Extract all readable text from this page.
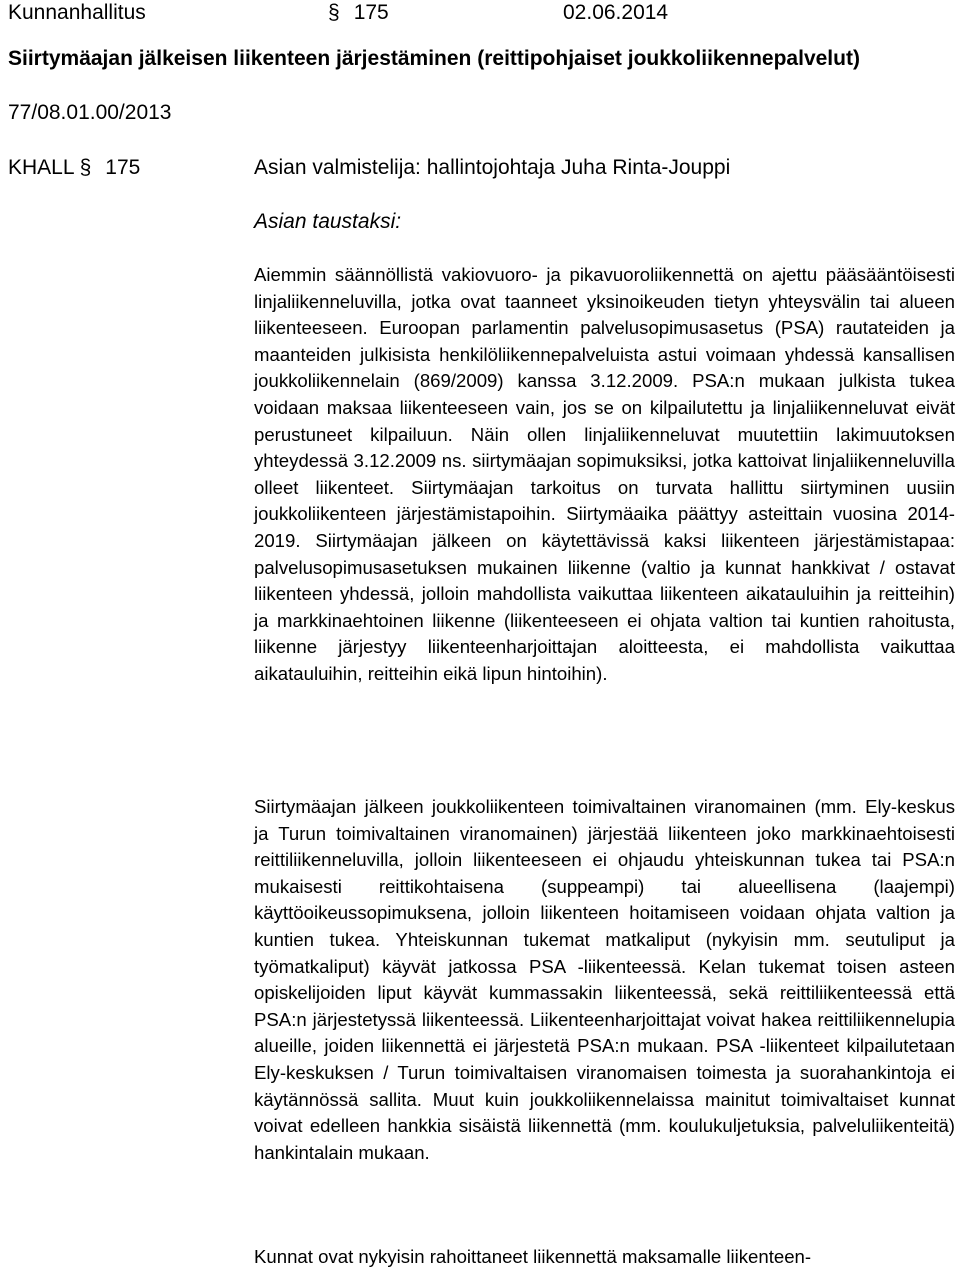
Kunnanhallitus	§ 175	02.06.2014
Siirtymäajan jälkeisen liikenteen järjestäminen (reittipohjaiset joukkoliikennepalvelut)
77/08.01.00/2013
KHALL § 175	Asian valmistelija: hallintojohtaja Juha Rinta-Jouppi
Asian taustaksi:
Aiemmin säännöllistä vakiovuoro- ja pikavuoroliikennettä on ajettu pääsääntöisesti linjaliikenneluvilla, jotka ovat taanneet yksinoikeuden tietyn yhteysvälin tai alueen liikenteeseen. Euroopan parlamentin palvelusopimusasetus (PSA) rautateiden ja maanteiden julkisista henkilöliikennepalveluista astui voimaan yhdessä kansallisen joukkoliikennelain (869/2009) kanssa 3.12.2009. PSA:n mukaan julkista tukea voidaan maksaa liikenteeseen vain, jos se on kilpailutettu ja linjaliikenneluvat eivät perustuneet kilpailuun. Näin ollen linjaliikenneluvat muutettiin lakimuutoksen yhteydessä 3.12.2009 ns. siirtymäajan sopimuksiksi, jotka kattoivat linjaliikenneluvilla olleet liikenteet. Siirtymäajan tarkoitus on turvata hallittu siirtyminen uusiin joukkoliikenteen järjestämistapoihin. Siirtymäaika päättyy asteittain vuosina 2014-2019. Siirtymäajan jälkeen on käytettävissä kaksi liikenteen järjestämistapaa: palvelusopimusasetuksen mukainen liikenne (valtio ja kunnat hankkivat / ostavat liikenteen yhdessä, jolloin mahdollista vaikuttaa liikenteen aikatauluihin ja reitteihin) ja markkinaehtoinen liikenne (liikenteeseen ei ohjata valtion tai kuntien rahoitusta, liikenne järjestyy liikenteenharjoittajan aloitteesta, ei mahdollista vaikuttaa aikatauluihin, reitteihin eikä lipun hintoihin).
Siirtymäajan jälkeen joukkoliikenteen toimivaltainen viranomainen (mm. Ely-keskus ja Turun toimivaltainen viranomainen) järjestää liikenteen joko markkinaehtoisesti reittiliikenneluvilla, jolloin liikenteeseen ei ohjaudu yhteiskunnan tukea tai PSA:n mukaisesti reittikohtaisena (suppeampi) tai alueellisena (laajempi) käyttöoikeussopimuksena, jolloin liikenteen hoitamiseen voidaan ohjata valtion ja kuntien tukea. Yhteiskunnan tukemat matkaliput (nykyisin mm. seutuliput ja työmatkaliput) käyvät jatkossa PSA -liikenteessä. Kelan tukemat toisen asteen opiskelijoiden liput käyvät kummassakin liikenteessä, sekä reittiliikenteessä että PSA:n järjestetyssä liikenteessä. Liikenteenharjoittajat voivat hakea reittiliikennelupia alueille, joiden liikennettä ei järjestetä PSA:n mukaan. PSA -liikenteet kilpailutetaan Ely-keskuksen / Turun toimivaltaisen viranomaisen toimesta ja suorahankintoja ei käytännössä sallita. Muut kuin joukkoliikennelaissa mainitut toimivaltaiset kunnat voivat edelleen hankkia sisäistä liikennettä (mm. koulukuljetuksia, palveluliikenteitä) hankintalain mukaan.
Kunnat ovat nykyisin rahoittaneet liikennettä maksamalle liikenteen-
